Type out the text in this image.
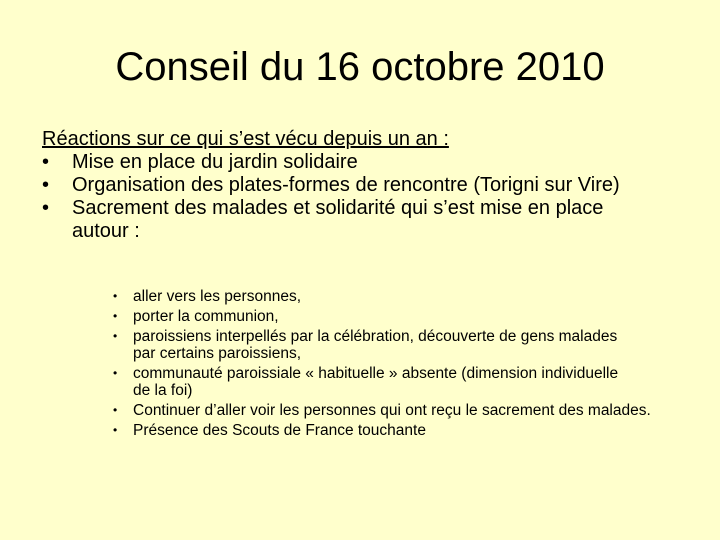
Conseil du 16 octobre 2010
Réactions sur ce qui s’est vécu depuis un an :
• Mise en place du jardin solidaire
• Organisation des plates-formes de rencontre (Torigni sur Vire)
• Sacrement des malades et solidarité qui s’est mise en place autour :
• aller vers les personnes,
• porter la communion,
• paroissiens interpellés par la célébration, découverte de gens malades par certains paroissiens,
• communauté paroissiale « habituelle » absente (dimension individuelle de la foi)
• Continuer d’aller voir les personnes qui ont reçu le sacrement des malades.
• Présence des Scouts de France touchante
